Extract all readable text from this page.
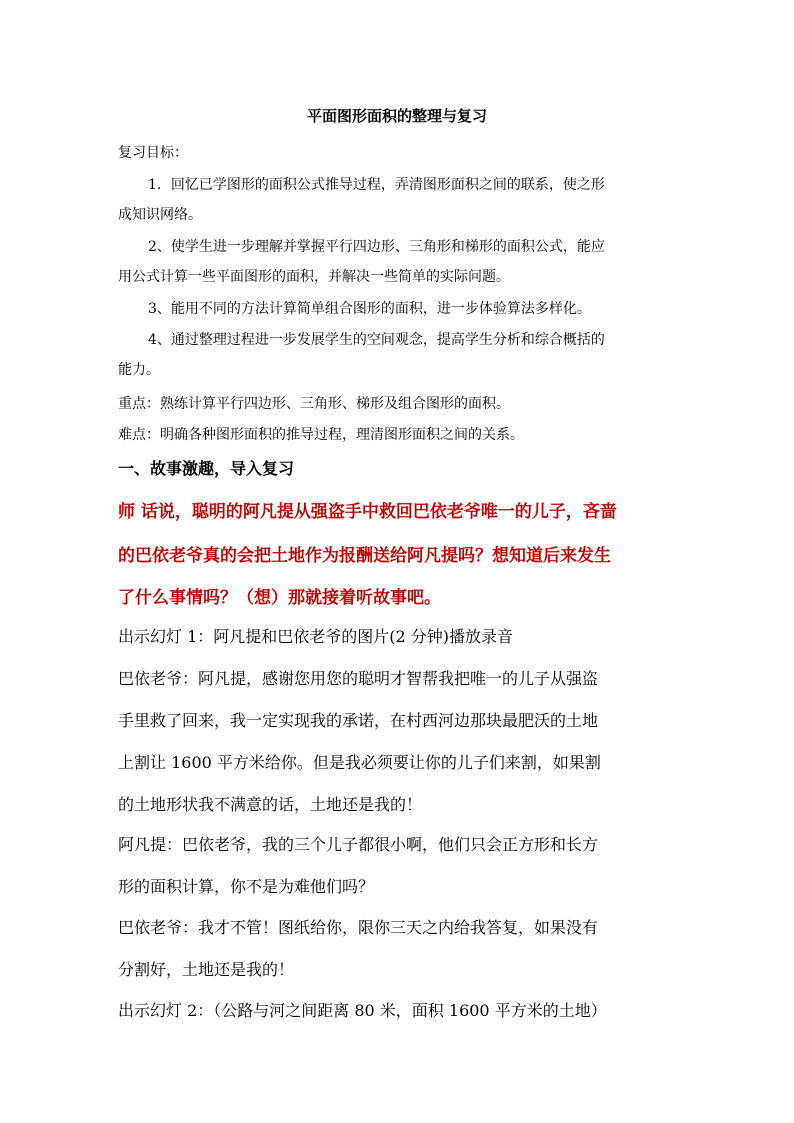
平面图形面积的整理与复习
复习目标：
1．回忆已学图形的面积公式推导过程，弄清图形面积之间的联系，使之形
成知识网络。
2、使学生进一步理解并掌握平行四边形、三角形和梯形的面积公式，能应
用公式计算一些平面图形的面积，并解决一些简单的实际问题。
3、能用不同的方法计算简单组合图形的面积，进一步体验算法多样化。
4、通过整理过程进一步发展学生的空间观念，提高学生分析和综合概括的
能力。
重点：熟练计算平行四边形、三角形、梯形及组合图形的面积。
难点：明确各种图形面积的推导过程，理清图形面积之间的关系。
一、故事激趣，导入复习
师 话说，聪明的阿凡提从强盗手中救回巴依老爷唯一的儿子，吝啬
的巴依老爷真的会把土地作为报酬送给阿凡提吗？想知道后来发生
了什么事情吗？（想）那就接着听故事吧。
出示幻灯 1：阿凡提和巴依老爷的图片(2 分钟)播放录音
巴依老爷：阿凡提，感谢您用您的聪明才智帮我把唯一的儿子从强盗
手里救了回来，我一定实现我的承诺，在村西河边那块最肥沃的土地
上割让 1600 平方米给你。但是我必须要让你的儿子们来割，如果割
的土地形状我不满意的话，土地还是我的！
阿凡提：巴依老爷，我的三个儿子都很小啊，他们只会正方形和长方
形的面积计算，你不是为难他们吗？
巴依老爷：我才不管！图纸给你，限你三天之内给我答复，如果没有
分割好，土地还是我的！
出示幻灯 2：（公路与河之间距离 80 米，面积 1600 平方米的土地）
